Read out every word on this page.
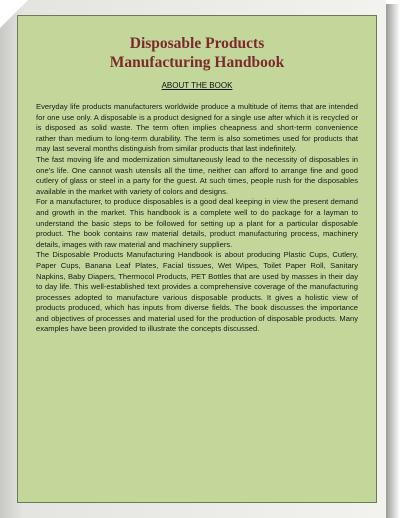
Disposable Products
Manufacturing Handbook
ABOUT THE BOOK

Everyday life products manufacturers worldwide produce a multitude of items that are intended for one use only. A disposable is a product designed for a single use after which it is recycled or is disposed as solid waste. The term often implies cheapness and short-term convenience rather than medium to long-term durability. The term is also sometimes used for products that may last several months distinguish from similar products that last indefinitely.

The fast moving life and modernization simultaneously lead to the necessity of disposables in one’s life. One cannot wash utensils all the time, neither can afford to arrange fine and good cutlery of glass or steel in a party for the guest. At such times, people rush for the disposables available in the market with variety of colors and designs.

For a manufacturer, to produce disposables is a good deal keeping in view the present demand and growth in the market. This handbook is a complete well to do package for a layman to understand the basic steps to be followed for setting up a plant for a particular disposable product. The book contains raw material details, product manufacturing process, machinery details, images with raw material and machinery suppliers.

The Disposable Products Manufacturing Handbook is about producing Plastic Cups, Cutlery, Paper Cups, Banana Leaf Plates, Facial tissues, Wet Wipes, Toilet Paper Roll, Sanitary Napkins, Baby Diapers, Thermocol Products, PET Bottles that are used by masses in their day to day life. This well-established text provides a comprehensive coverage of the manufacturing processes adopted to manufacture various disposable products. It gives a holistic view of products produced, which has inputs from diverse fields. The book discusses the importance and objectives of processes and material used for the production of disposable products. Many examples have been provided to illustrate the concepts discussed.
